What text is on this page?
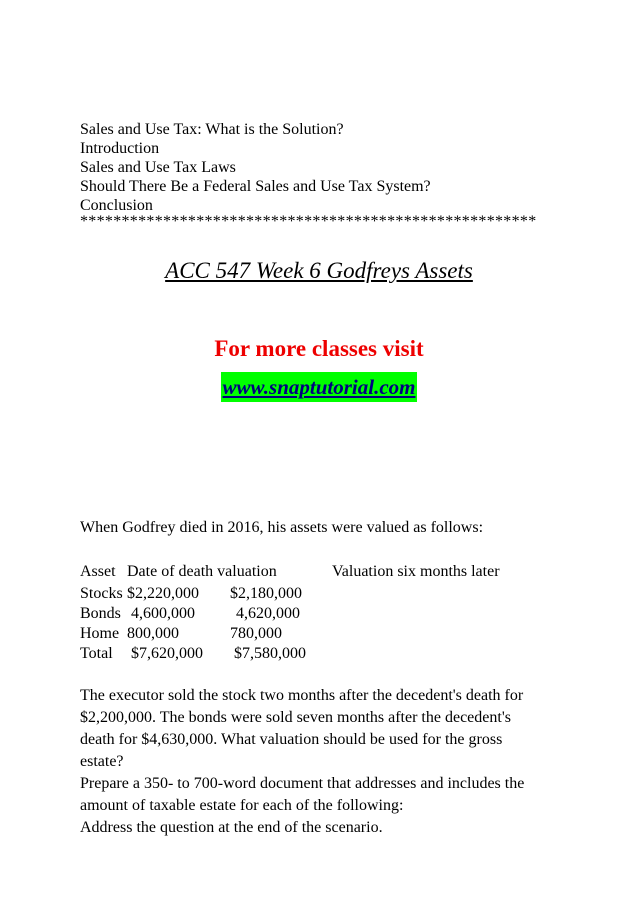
Sales and Use Tax: What is the Solution?
Introduction
Sales and Use Tax Laws
Should There Be a Federal Sales and Use Tax System?
Conclusion
*******************************************************
ACC 547 Week 6 Godfreys Assets
For more classes visit
www.snaptutorial.com
When Godfrey died in 2016, his assets were valued as follows:
Asset Date of death valuation	Valuation six months later
Stocks $2,220,000 $2,180,000
Bonds 4,600,000	4,620,000
Home 800,000	780,000
Total $7,620,000 $7,580,000
The executor sold the stock two months after the decedent's death for
$2,200,000. The bonds were sold seven months after the decedent's
death for $4,630,000. What valuation should be used for the gross
estate?
Prepare a 350- to 700-word document that addresses and includes the
amount of taxable estate for each of the following:
Address the question at the end of the scenario.
